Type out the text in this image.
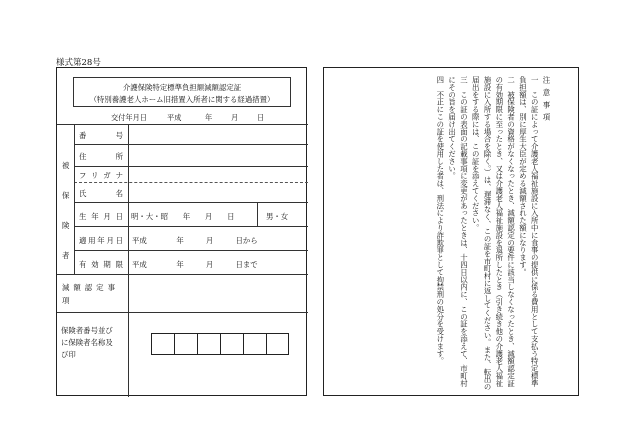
様式第28号
介護保険特定標準負担額減額認定証
（特別養護老人ホーム旧措置入所者に関する経過措置）
交付年月日	平成	年	月	日
被
保
険
者
番号
住所
フリガナ
氏名
生年月日 明・大・昭　　年　　月　　日	男・女
適用年月日 平成　　　　年　　　月　　　日から
有効期限 平成　　　　年　　　月　　　日まで
減額認定事項
保険者番号並び
に保険者名称及
び印

注意事項

一　この証によって介護老人福祉施設に入所中に食事の提供に係る費用として支払う特定標準負担額は、別に厚生大臣が定める減額された額になります。

二　被保険者の資格がなくなったとき、減額認定の要件に該当しなくなったとき、減額認定証の有効期限に至ったとき、又は介護老人福祉施設を退所したとき（引き続き他の介護老人福祉施設に入所する場合を除く。）は、遅滞なく、この証を市町村に返してください。また、転出の届出をする際には、この証を添えてください。

三　この証の表面の記載事項に変更があったときは、十四日以内に、この証を添えて、市町村にその旨を届け出てください。

四　不正にこの証を使用した者は、刑法により詐欺罪として拘禁刑の処分を受けます。
